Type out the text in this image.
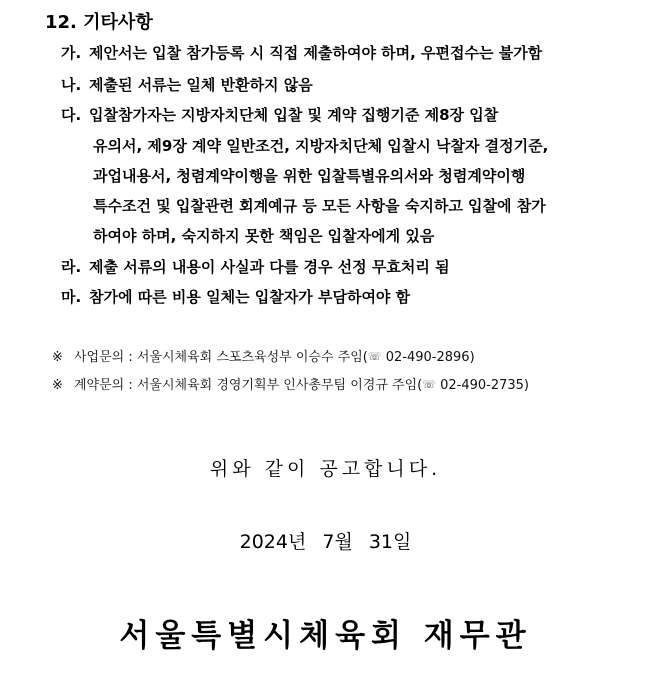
12. 기타사항
가. 제안서는 입찰 참가등록 시 직접 제출하여야 하며, 우편접수는 불가함
나. 제출된 서류는 일체 반환하지 않음
다. 입찰참가자는 지방자치단체 입찰 및 계약 집행기준 제8장 입찰
유의서, 제9장 계약 일반조건, 지방자치단체 입찰시 낙찰자 결정기준,
과업내용서, 청렴계약이행을 위한 입찰특별유의서와 청렴계약이행
특수조건 및 입찰관련 회계예규 등 모든 사항을 숙지하고 입찰에 참가
하여야 하며, 숙지하지 못한 책임은 입찰자에게 있음
라. 제출 서류의 내용이 사실과 다를 경우 선정 무효처리 됨
마. 참가에 따른 비용 일체는 입찰자가 부담하여야 함
※ 사업문의 : 서울시체육회 스포츠육성부 이승수 주임(☏ 02-490-2896)
※ 계약문의 : 서울시체육회 경영기획부 인사총무팀 이경규 주임(☏ 02-490-2735)
위와 같이 공고합니다.
2024년 7월 31일
서울특별시체육회 재무관
